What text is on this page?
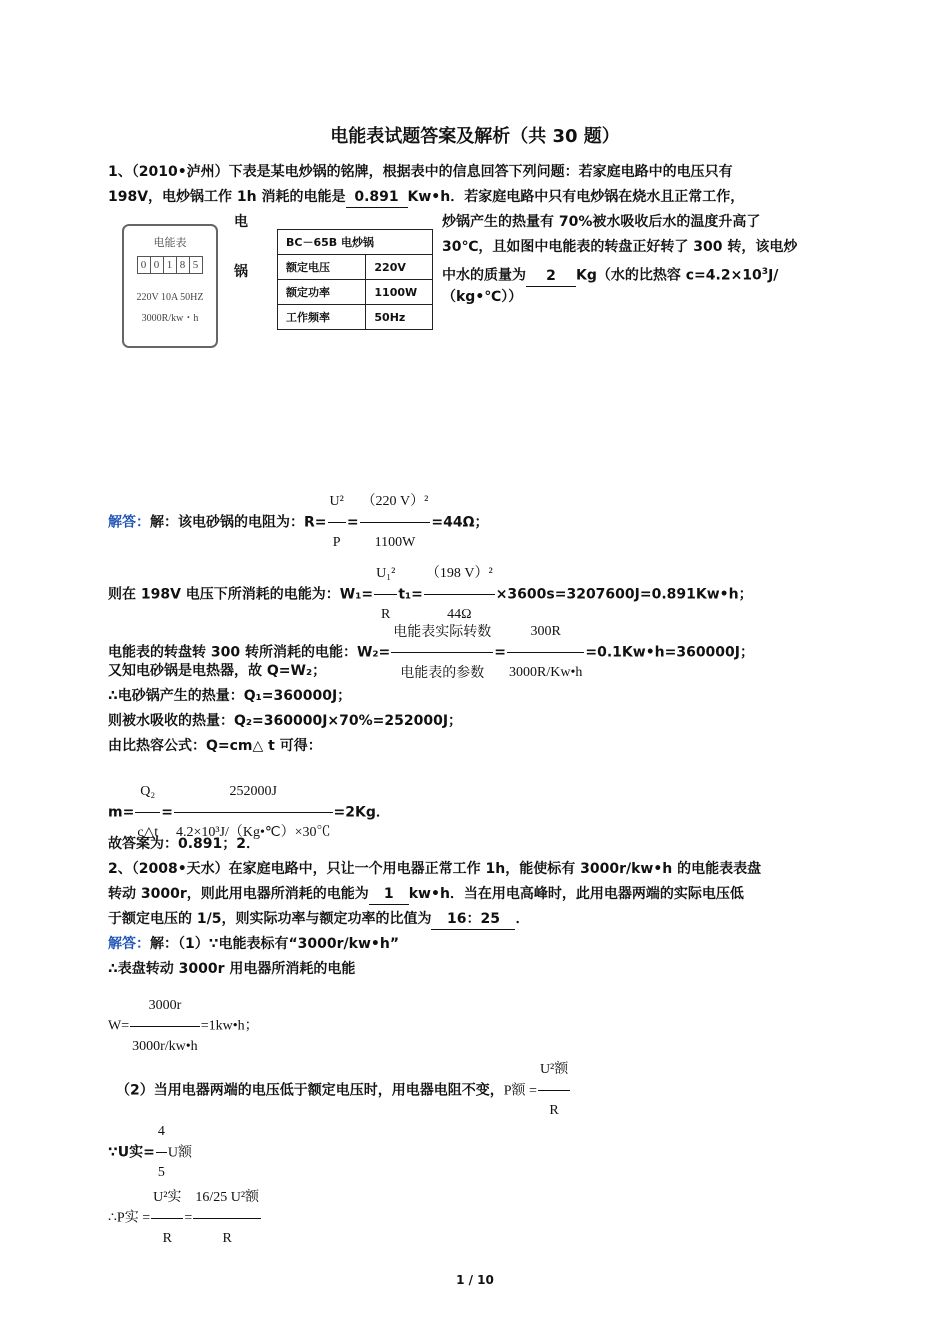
电能表试题答案及解析（共 30 题）
1、（2010•泸州）下表是某电炒锅的铭牌，根据表中的信息回答下列问题：若家庭电路中的电压只有
198V，电炒锅工作 1h 消耗的电能是 0.891 Kw•h．若家庭电路中只有电炒锅在烧水且正常工作，
电
锅
炒锅产生的热量有 70%被水吸收后水的温度升高了
30℃，且如图中电能表的转盘正好转了 300 转，该电炒
中水的质量为 2 Kg（水的比热容 $c=4.2\times 10^3J/$
（kg•℃））
电能表
0 0 1 8 5
220V 10A 50HZ
3000R/kw・h
BC－65B 电炒锅	
额定电压	220V
额定功率	1100W
工作频率	50Hz
解答：解：该电砂锅的电阻为：$R= \frac{\text{U²}}{P} = \frac{\text{（220 V）²}}{1100W} =44\Omega$；
则在 198V 电压下所消耗的电能为：$W_1= \frac{\text{U₁²}}{R} t_1= \frac{\text{（198 V）²}}{44\Omega}$ ×3600s=3207600J=0.891Kw•h；
电能表的转盘转 300 转所消耗的电能：$W_2= \frac{\text{电能表实际转数}}{\text{电能表的参数}} = \frac{300R}{3000R/Kw•h}$ =0.1Kw•h=360000J；
又知电砂锅是电热器，故 Q=W₂；
∴电砂锅产生的热量：Q₁=360000J；
则被水吸收的热量：Q₂=360000J×70%=252000J；
由比热容公式：Q=cm△ t 可得：
$m= \frac{\text{Q₂}}{c\triangle t} = \frac{252000J}{\text{4.2×10³J/（Kg•℃）×30℃}} =2Kg$．
故答案为：0.891；2．
2、（2008•天水）在家庭电路中，只让一个用电器正常工作 1h，能使标有 3000r/kw•h 的电能表表盘
转动 3000r，则此用电器所消耗的电能为 1 kw•h．当在用电高峰时，此用电器两端的实际电压低
于额定电压的 1/5，则实际功率与额定功率的比值为 16：25 ．
解答：解：（1）∵电能表标有“3000r/kw•h”
∴表盘转动 3000r 用电器所消耗的电能
$W= \frac{3000r}{3000r/kw•h}$ =1kw•h；
（2）当用电器两端的电压低于额定电压时，用电器电阻不变，P额 = $\frac{\text{U²额}}{R}$
∵U实= $\frac{4}{5}$ U额
∴P实 = $\frac{\text{U²实}}{R} = \frac{\text{16/25 U²额}}{R}$
1 / 10
